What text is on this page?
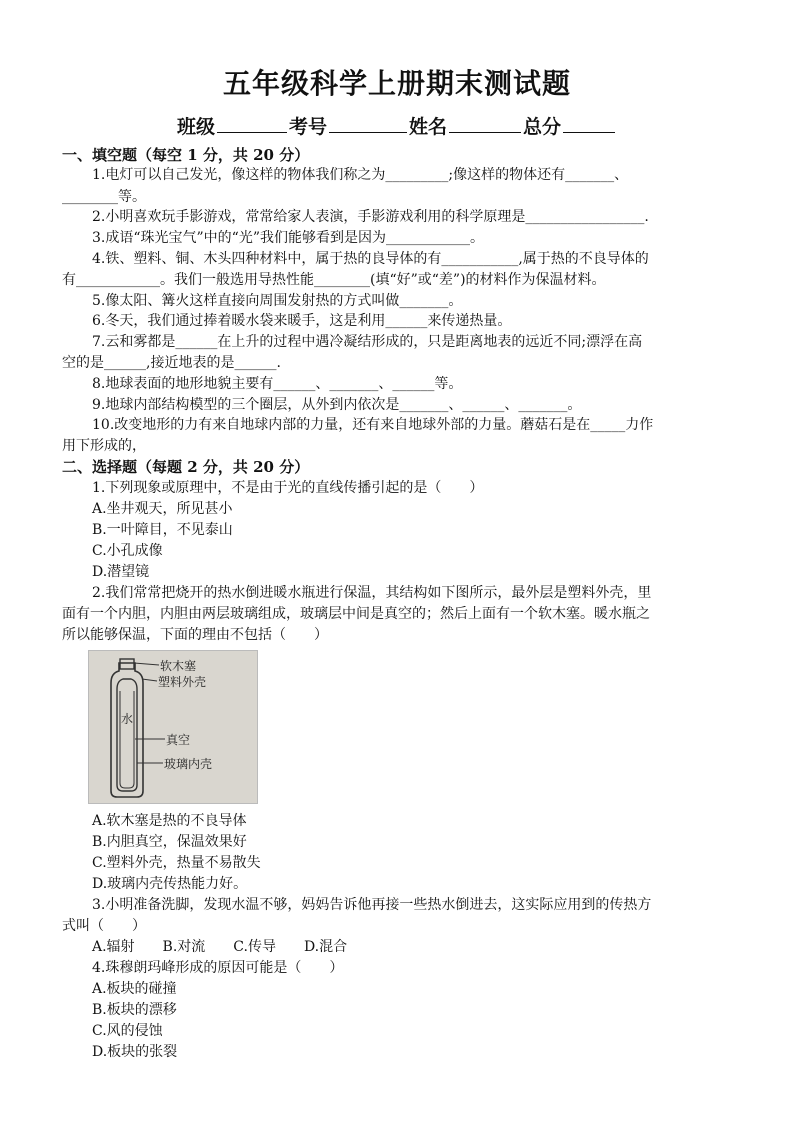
五年级科学上册期末测试题
班级	考号	姓名	总分
一、填空题（每空 1 分，共 20 分）
1.电灯可以自己发光，像这样的物体我们称之为_________;像这样的物体还有_______、
________等。
2.小明喜欢玩手影游戏，常常给家人表演，手影游戏利用的科学原理是_________________.
3.成语“珠光宝气”中的“光”我们能够看到是因为____________。
4.铁、塑料、铜、木头四种材料中，属于热的良导体的有___________,属于热的不良导体的
有____________。我们一般选用导热性能________(填“好”或“差”)的材料作为保温材料。
5.像太阳、篝火这样直接向周围发射热的方式叫做_______。
6.冬天，我们通过捧着暖水袋来暖手，这是利用______来传递热量。
7.云和雾都是______在上升的过程中遇冷凝结形成的，只是距离地表的远近不同;漂浮在高
空的是______,接近地表的是______.
8.地球表面的地形地貌主要有______、_______、______等。
9.地球内部结构模型的三个圈层，从外到内依次是_______、______、_______。
10.改变地形的力有来自地球内部的力量，还有来自地球外部的力量。蘑菇石是在_____力作
用下形成的，
二、选择题（每题 2 分，共 20 分）
1.下列现象或原理中，不是由于光的直线传播引起的是（　　）
A.坐井观天，所见甚小
B.一叶障目，不见泰山
C.小孔成像
D.潜望镜
2.我们常常把烧开的热水倒进暖水瓶进行保温，其结构如下图所示，最外层是塑料外壳，里
面有一个内胆，内胆由两层玻璃组成，玻璃层中间是真空的；然后上面有一个软木塞。暖水瓶之
所以能够保温，下面的理由不包括（　　）
软木塞
塑料外壳
水
真空
玻璃内壳
A.软木塞是热的不良导体
B.内胆真空，保温效果好
C.塑料外壳，热量不易散失
D.玻璃内壳传热能力好。
3.小明准备洗脚，发现水温不够，妈妈告诉他再接一些热水倒进去，这实际应用到的传热方
式叫（　　）
A.辐射　　B.对流　　C.传导　　D.混合
4.珠穆朗玛峰形成的原因可能是（　　）
A.板块的碰撞
B.板块的漂移
C.风的侵蚀
D.板块的张裂
